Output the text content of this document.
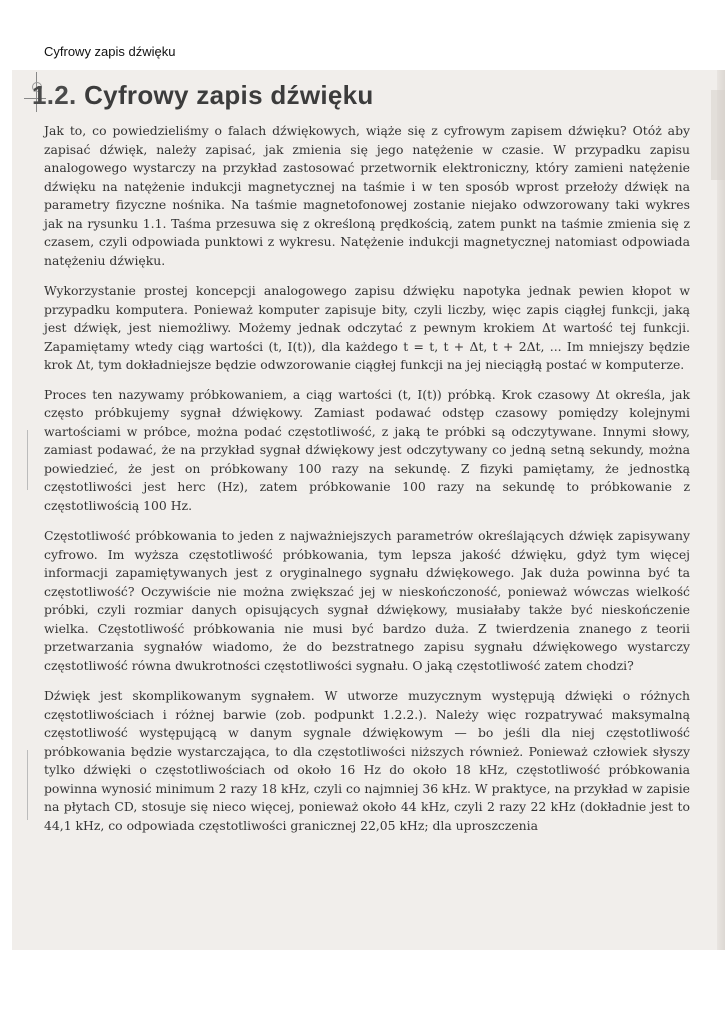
Cyfrowy zapis dźwięku
1.2. Cyfrowy zapis dźwięku

Jak to, co powiedzieliśmy o falach dźwiękowych, wiąże się z cyfrowym zapisem dźwięku? Otóż aby zapisać dźwięk, należy zapisać, jak zmienia się jego natężenie w czasie. W przypadku zapisu analogowego wystarczy na przykład zastosować przetwornik elektroniczny, który zamieni natężenie dźwięku na natężenie indukcji magnetycznej na taśmie i w ten sposób wprost przełoży dźwięk na parametry fizyczne nośnika. Na taśmie magnetofonowej zostanie niejako odwzorowany taki wykres jak na rysunku 1.1. Taśma przesuwa się z określoną prędkością, zatem punkt na taśmie zmienia się z czasem, czyli odpowiada punktowi z wykresu. Natężenie indukcji magnetycznej natomiast odpowiada natężeniu dźwięku.

Wykorzystanie prostej koncepcji analogowego zapisu dźwięku napotyka jednak pewien kłopot w przypadku komputera. Ponieważ komputer zapisuje bity, czyli liczby, więc zapis ciągłej funkcji, jaką jest dźwięk, jest niemożliwy. Możemy jednak odczytać z pewnym krokiem Δt wartość tej funkcji. Zapamiętamy wtedy ciąg wartości (t, I(t)), dla każdego t = t, t + Δt, t + 2Δt, ... Im mniejszy będzie krok Δt, tym dokładniejsze będzie odwzorowanie ciągłej funkcji na jej nieciągłą postać w komputerze.

Proces ten nazywamy próbkowaniem, a ciąg wartości (t, I(t)) próbką. Krok czasowy Δt określa, jak często próbkujemy sygnał dźwiękowy. Zamiast podawać odstęp czasowy pomiędzy kolejnymi wartościami w próbce, można podać częstotliwość, z jaką te próbki są odczytywane. Innymi słowy, zamiast podawać, że na przykład sygnał dźwiękowy jest odczytywany co jedną setną sekundy, można powiedzieć, że jest on próbkowany 100 razy na sekundę. Z fizyki pamiętamy, że jednostką częstotliwości jest herc (Hz), zatem próbkowanie 100 razy na sekundę to próbkowanie z częstotliwością 100 Hz.

Częstotliwość próbkowania to jeden z najważniejszych parametrów określających dźwięk zapisywany cyfrowo. Im wyższa częstotliwość próbkowania, tym lepsza jakość dźwięku, gdyż tym więcej informacji zapamiętywanych jest z oryginalnego sygnału dźwiękowego. Jak duża powinna być ta częstotliwość? Oczywiście nie można zwiększać jej w nieskończoność, ponieważ wówczas wielkość próbki, czyli rozmiar danych opisujących sygnał dźwiękowy, musiałaby także być nieskończenie wielka. Częstotliwość próbkowania nie musi być bardzo duża. Z twierdzenia znanego z teorii przetwarzania sygnałów wiadomo, że do bezstratnego zapisu sygnału dźwiękowego wystarczy częstotliwość równa dwukrotności częstotliwości sygnału. O jaką częstotliwość zatem chodzi?

Dźwięk jest skomplikowanym sygnałem. W utworze muzycznym występują dźwięki o różnych częstotliwościach i różnej barwie (zob. podpunkt 1.2.2.). Należy więc rozpatrywać maksymalną częstotliwość występującą w danym sygnale dźwiękowym — bo jeśli dla niej częstotliwość próbkowania będzie wystarczająca, to dla częstotliwości niższych również. Ponieważ człowiek słyszy tylko dźwięki o częstotliwościach od około 16 Hz do około 18 kHz, częstotliwość próbkowania powinna wynosić minimum 2 razy 18 kHz, czyli co najmniej 36 kHz. W praktyce, na przykład w zapisie na płytach CD, stosuje się nieco więcej, ponieważ około 44 kHz, czyli 2 razy 22 kHz (dokładnie jest to 44,1 kHz, co odpowiada częstotliwości granicznej 22,05 kHz; dla uproszczenia
